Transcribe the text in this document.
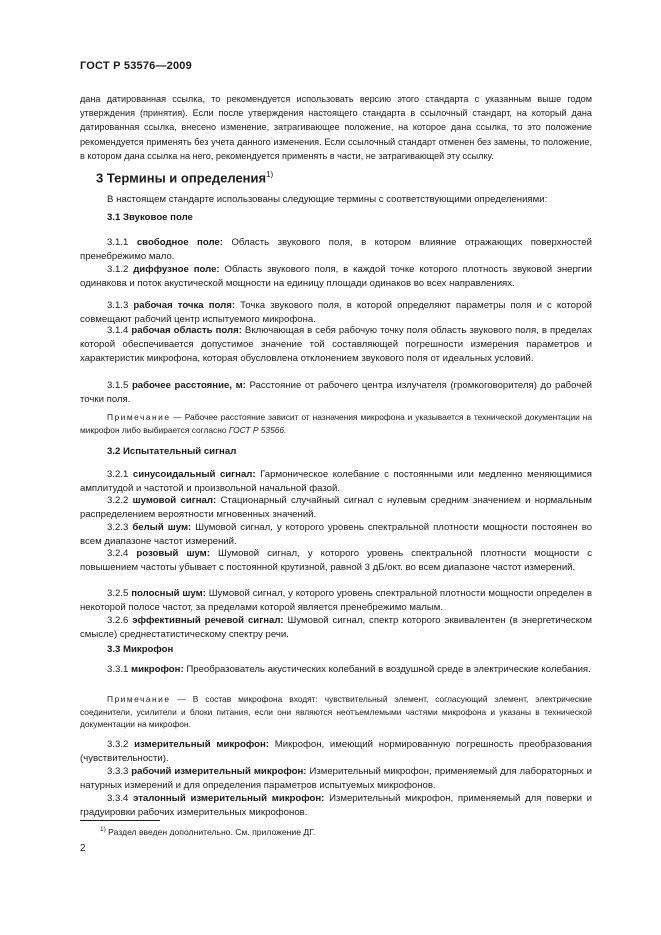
ГОСТ Р 53576—2009
дана датированная ссылка, то рекомендуется использовать версию этого стандарта с указанным выше годом утверждения (принятия). Если после утверждения настоящего стандарта в ссылочный стандарт, на который дана датированная ссылка, внесено изменение, затрагивающее положение, на которое дана ссылка, то это положение рекомендуется применять без учета данного изменения. Если ссылочный стандарт отменен без замены, то положение, в котором дана ссылка на него, рекомендуется применять в части, не затрагивающей эту ссылку.
3 Термины и определения$^{1)}$
В настоящем стандарте использованы следующие термины с соответствующими определениями:
3.1 Звуковое поле
3.1.1 свободное поле: Область звукового поля, в котором влияние отражающих поверхностей пренебрежимо мало.
3.1.2 диффузное поле: Область звукового поля, в каждой точке которого плотность звуковой энергии одинакова и поток акустической мощности на единицу площади одинаков во всех направлениях.
3.1.3 рабочая точка поля: Точка звукового поля, в которой определяют параметры поля и с которой совмещают рабочий центр испытуемого микрофона.
3.1.4 рабочая область поля: Включающая в себя рабочую точку поля область звукового поля, в пределах которой обеспечивается допустимое значение той составляющей погрешности измерения параметров и характеристик микрофона, которая обусловлена отклонением звукового поля от идеальных условий.
3.1.5 рабочее расстояние, м: Расстояние от рабочего центра излучателя (громкоговорителя) до рабочей точки поля.
Примечание — Рабочее расстояние зависит от назначения микрофона и указывается в технической документации на микрофон либо выбирается согласно ГОСТ Р 53566.
3.2 Испытательный сигнал
3.2.1 синусоидальный сигнал: Гармоническое колебание с постоянными или медленно меняющимися амплитудой и частотой и произвольной начальной фазой.
3.2.2 шумовой сигнал: Стационарный случайный сигнал с нулевым средним значением и нормальным распределением вероятности мгновенных значений.
3.2.3 белый шум: Шумовой сигнал, у которого уровень спектральной плотности мощности постоянен во всем диапазоне частот измерений.
3.2.4 розовый шум: Шумовой сигнал, у которого уровень спектральной плотности мощности с повышением частоты убывает с постоянной крутизной, равной 3 дБ/окт. во всем диапазоне частот измерений.
3.2.5 полосный шум: Шумовой сигнал, у которого уровень спектральной плотности мощности определен в некоторой полосе частот, за пределами которой является пренебрежимо малым.
3.2.6 эффективный речевой сигнал: Шумовой сигнал, спектр которого эквивалентен (в энергетическом смысле) среднестатистическому спектру речи.
3.3 Микрофон
3.3.1 микрофон: Преобразователь акустических колебаний в воздушной среде в электрические колебания.
Примечание — В состав микрофона входят: чувствительный элемент, согласующий элемент, электрические соединители, усилители и блоки питания, если они являются неотъемлемыми частями микрофона и указаны в технической документации на микрофон.
3.3.2 измерительный микрофон: Микрофон, имеющий нормированную погрешность преобразования (чувствительности).
3.3.3 рабочий измерительный микрофон: Измерительный микрофон, применяемый для лабораторных и натурных измерений и для определения параметров испытуемых микрофонов.
3.3.4 эталонный измерительный микрофон: Измерительный микрофон, применяемый для поверки и градуировки рабочих измерительных микрофонов.
$^{1)}$ Раздел введен дополнительно. См. приложение ДГ.
2
